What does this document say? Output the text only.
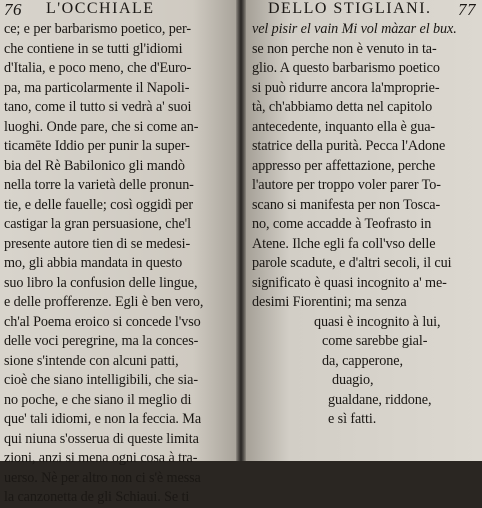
76 L'OCCHIALE
ce; e per barbarismo poetico, per-
che contiene in se tutti gl'idiomi
d'Italia, e poco meno, che d'Euro-
pa, ma particolarmente il Napoli-
tano, come il tutto si vedrà a' suoi
luoghi. Onde pare, che si come an-
ticamēte Iddio per punir la super-
bia del Rè Babilonico gli mandò
nella torre la varietà delle pronun-
tie, e delle fauelle; così oggidì per
castigar la gran persuasione, che'l
presente autore tien di se medesi-
mo, gli abbia mandata in questo
suo libro la confusion delle lingue,
e delle profferenze. Egli è ben vero,
ch'al Poema eroico si concede l'vso
delle voci peregrine, ma la conces-
sione s'intende con alcuni patti,
cioè che siano intelligibili, che sia-
no poche, e che siano il meglio di
que' tali idiomi, e non la feccia. Ma
qui niuna s'osserua di queste limita
zioni, anzi si mena ogni cosa à tra-
uerso. Nè per altro non ci s'è messa
la canzonetta de gli Schiaui. Se ti
DELLO STIGLIANI. 77
vel pisir el vain Mi vol màzar el bux.
se non perche non è venuto in ta-
glio. A questo barbarismo poetico
si può ridurre ancora la'mproprie-
tà, ch'abbiamo detta nel capitolo
antecedente, inquanto ella è gua-
statrice della purità. Pecca l'Adone
appresso per affettazione, perche
l'autore per troppo voler parer To-
scano si manifesta per non Tosca-
no, come accadde à Teofrasto in
Atene. Ilche egli fa coll'vso delle
parole scadute, e d'altri secoli, il cui
significato è quasi incognito a' me-
desimi Fiorentini; ma senza
quasi è incognito à lui,
come sarebbe gial-
da, capperone,
duagio,
gualdane, riddone,
e sì fatti.
